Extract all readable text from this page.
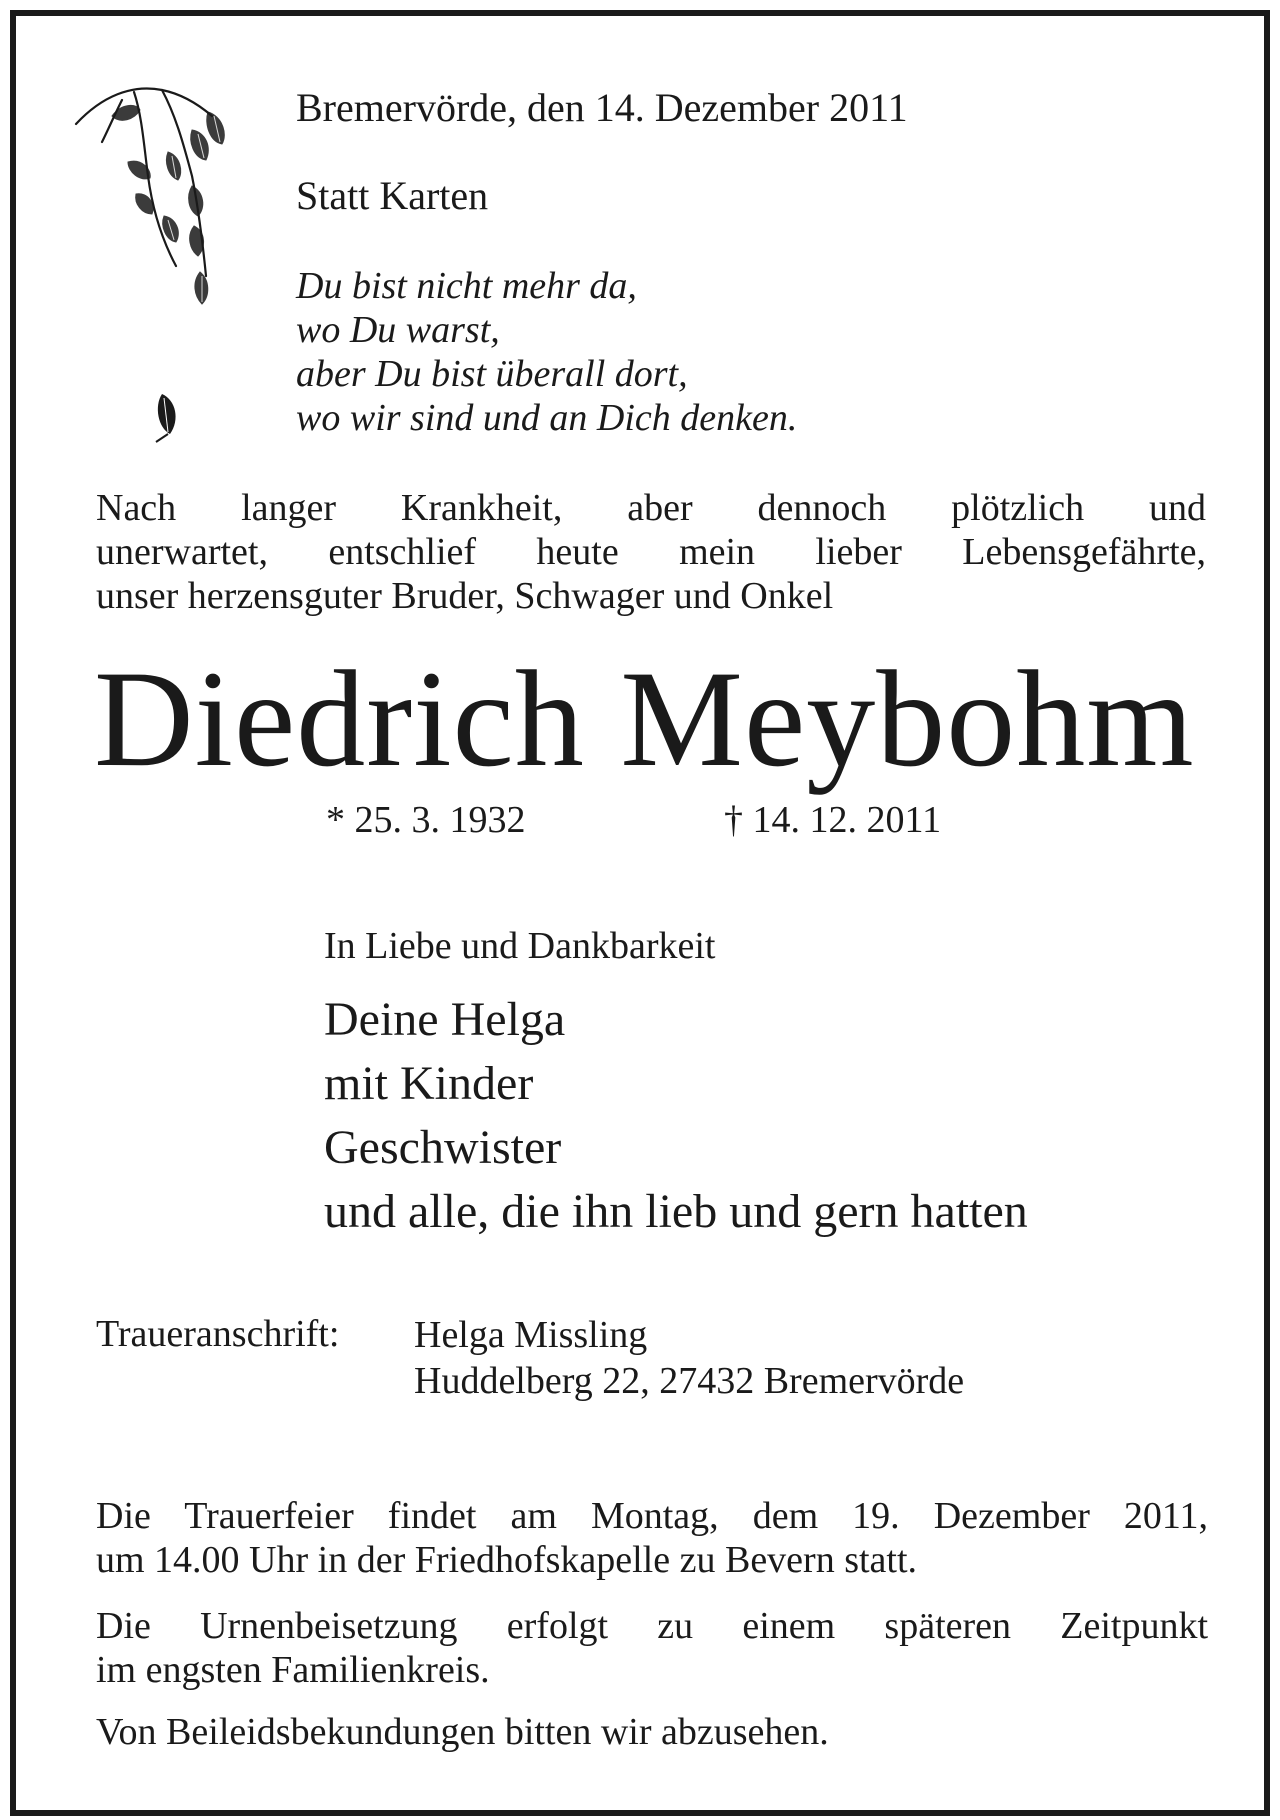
Bremervörde, den 14. Dezember 2011
Statt Karten
Du bist nicht mehr da,
wo Du warst,
aber Du bist überall dort,
wo wir sind und an Dich denken.
Nach langer Krankheit, aber dennoch plötzlich und
unerwartet, entschlief heute mein lieber Lebensgefährte,
unser herzensguter Bruder, Schwager und Onkel
Diedrich Meybohm
* 25. 3. 1932	† 14. 12. 2011
In Liebe und Dankbarkeit
Deine Helga
mit Kinder
Geschwister
und alle, die ihn lieb und gern hatten
Traueranschrift: Helga Missling
Huddelberg 22, 27432 Bremervörde
Die Trauerfeier findet am Montag, dem 19. Dezember 2011,
um 14.00 Uhr in der Friedhofskapelle zu Bevern statt.
Die Urnenbeisetzung erfolgt zu einem späteren Zeitpunkt
im engsten Familienkreis.
Von Beileidsbekundungen bitten wir abzusehen.
